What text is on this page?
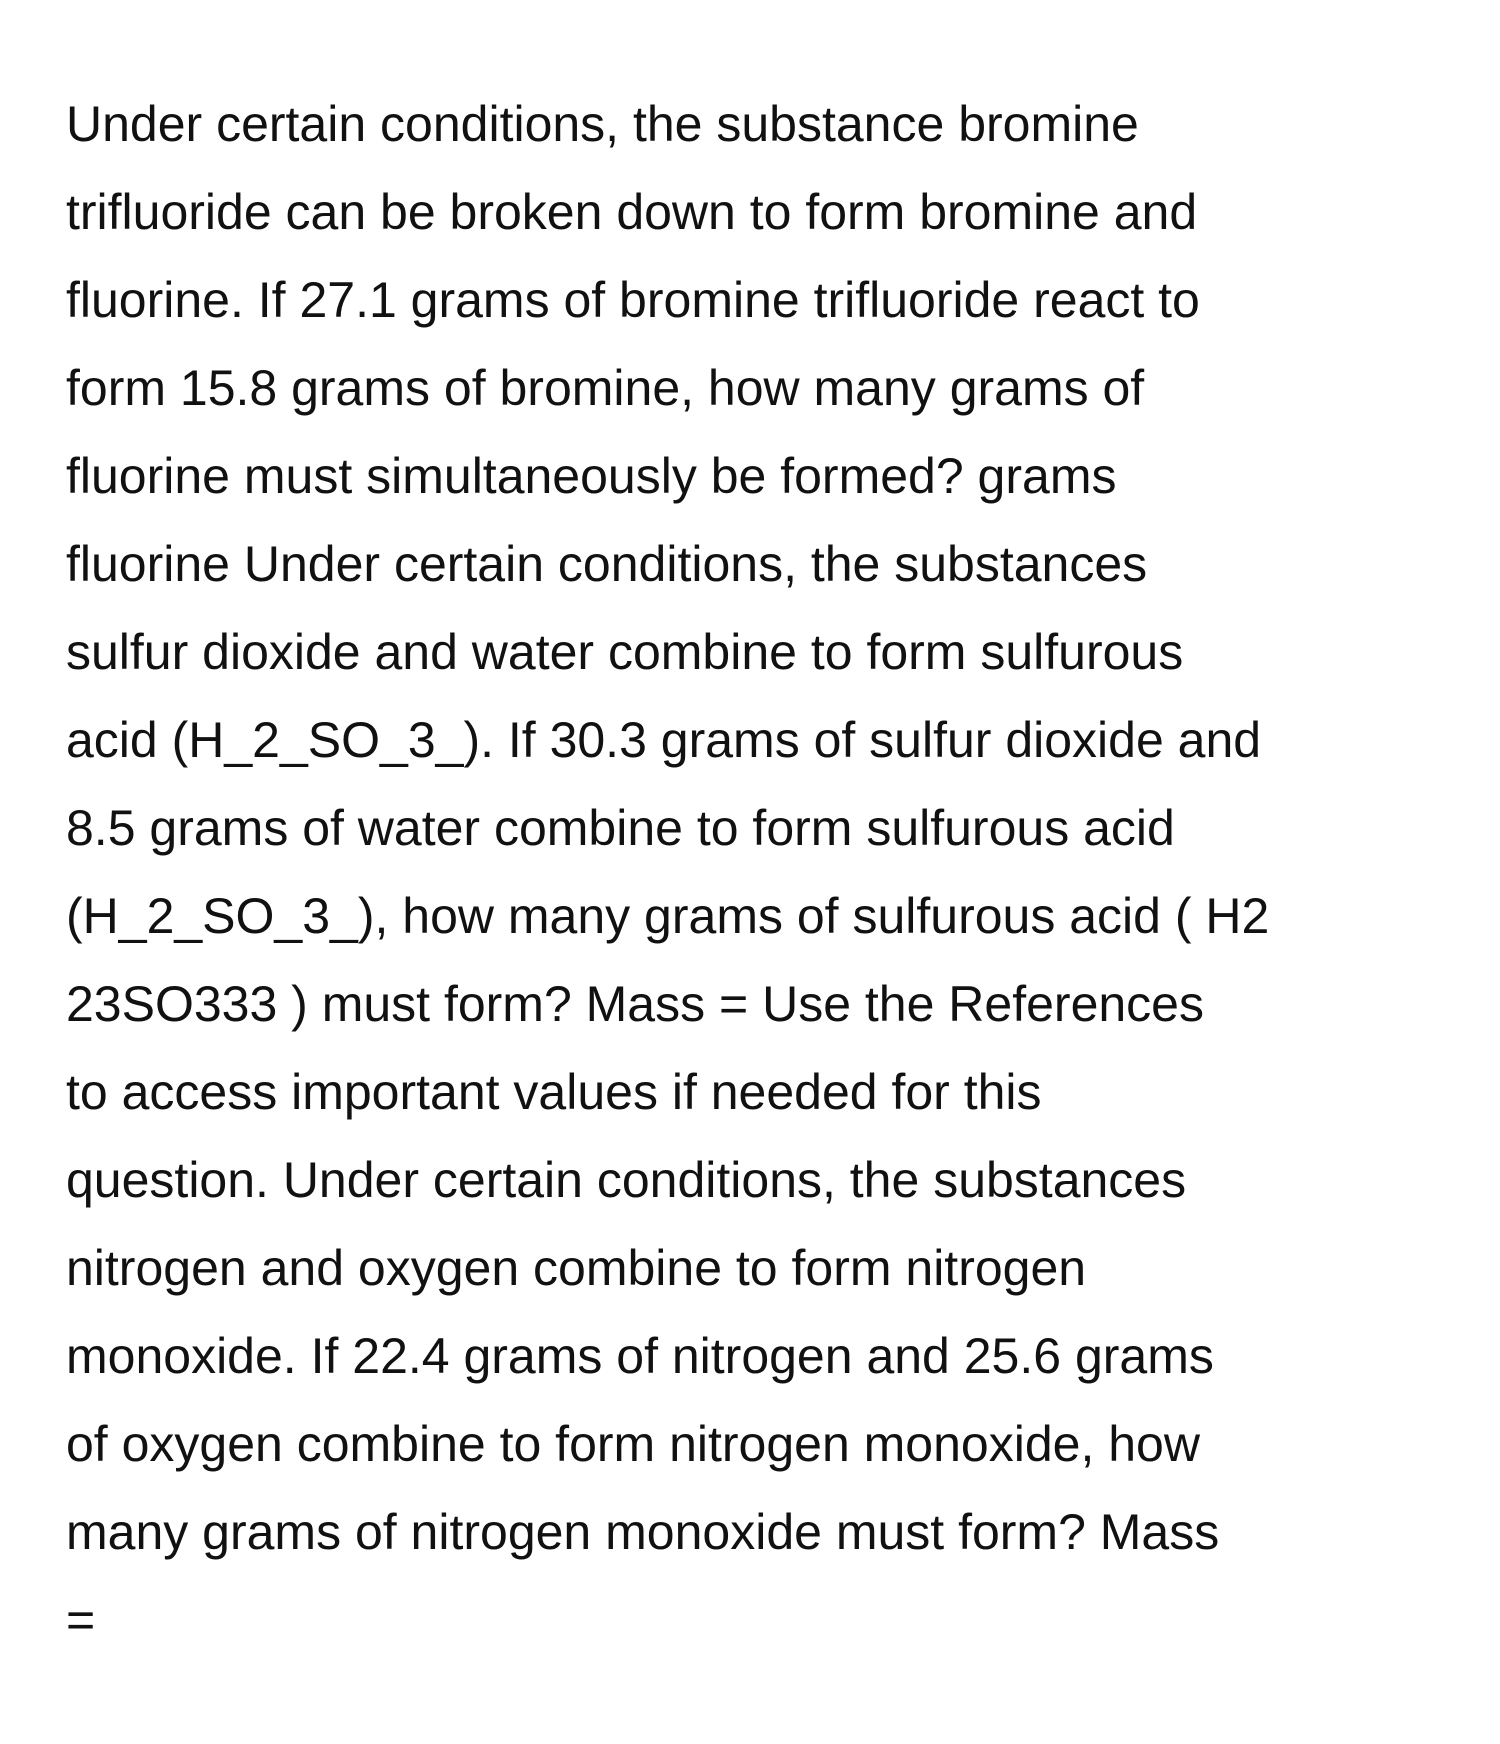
Under certain conditions, the substance bromine
trifluoride can be broken down to form bromine and
fluorine. If 27.1 grams of bromine trifluoride react to
form 15.8 grams of bromine, how many grams of
fluorine must simultaneously be formed? grams
fluorine Under certain conditions, the substances
sulfur dioxide and water combine to form sulfurous
acid (H_2_SO_3_). If 30.3 grams of sulfur dioxide and
8.5 grams of water combine to form sulfurous acid
(H_2_SO_3_), how many grams of sulfurous acid ( H2
23SO333 ) must form? Mass = Use the References
to access important values if needed for this
question. Under certain conditions, the substances
nitrogen and oxygen combine to form nitrogen
monoxide. If 22.4 grams of nitrogen and 25.6 grams
of oxygen combine to form nitrogen monoxide, how
many grams of nitrogen monoxide must form? Mass
=
